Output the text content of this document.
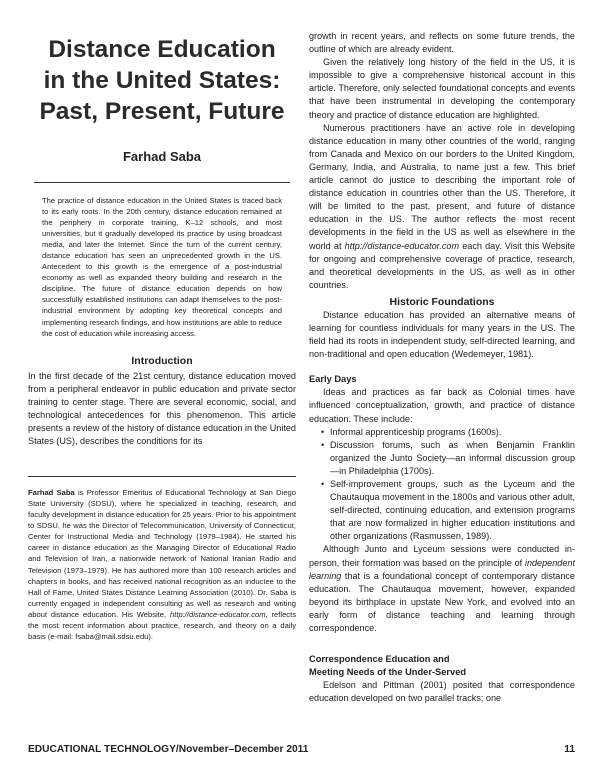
Distance Education
in the United States:
Past, Present, Future
Farhad Saba

The practice of distance education in the United States is traced back to its early roots. In the 20th century, distance education remained at the periphery in corporate training, K–12 schools, and most universities, but it gradually developed its practice by using broadcast media, and later the Internet. Since the turn of the current century, distance education has seen an unprecedented growth in the US. Antecedent to this growth is the emergence of a post-industrial economy as well as expanded theory building and research in the discipline. The future of distance education depends on how successfully established institutions can adapt themselves to the post-industrial environment by adopting key theoretical concepts and implementing research findings, and how institutions are able to reduce the cost of education while increasing access.

Introduction

In the first decade of the 21st century, distance education moved from a peripheral endeavor in public education and private sector training to center stage. There are several economic, social, and technological antecedences for this phenomenon. This article presents a review of the history of distance education in the United States (US), describes the conditions for its

Farhad Saba is Professor Emeritus of Educational Technology at San Diego State University (SDSU), where he specialized in teaching, research, and faculty development in distance education for 25 years. Prior to his appointment to SDSU, he was the Director of Telecommunication, University of Connecticut, Center for Instructional Media and Technology (1979–1984). He started his career in distance education as the Managing Director of Educational Radio and Television of Iran, a nationwide network of National Iranian Radio and Television (1973–1979). He has authored more than 100 research articles and chapters in books, and has received national recognition as an inductee to the Hall of Fame, United States Distance Learning Association (2010). Dr. Saba is currently engaged in independent consulting as well as research and writing about distance education. His Website, http://distance-educator.com, reflects the most recent information about practice, research, and theory on a daily basis (e-mail: fsaba@mail.sdsu.edu).

growth in recent years, and reflects on some future trends, the outline of which are already evident.

Given the relatively long history of the field in the US, it is impossible to give a comprehensive historical account in this article. Therefore, only selected foundational concepts and events that have been instrumental in developing the contemporary theory and practice of distance education are highlighted.

Numerous practitioners have an active role in developing distance education in many other countries of the world, ranging from Canada and Mexico on our borders to the United Kingdom, Germany, India, and Australia, to name just a few. This brief article cannot do justice to describing the important role of distance education in countries other than the US. Therefore, it will be limited to the past, present, and future of distance education in the US. The author reflects the most recent developments in the field in the US as well as elsewhere in the world at http://distance-educator.com each day. Visit this Website for ongoing and comprehensive coverage of practice, research, and theoretical developments in the US, as well as in other countries.

Historic Foundations

Distance education has provided an alternative means of learning for countless individuals for many years in the US. The field had its roots in independent study, self-directed learning, and non-traditional and open education (Wedemeyer, 1981).

Early Days

Ideas and practices as far back as Colonial times have influenced conceptualization, growth, and practice of distance education. These include:

• Informal apprenticeship programs (1600s).
• Discussion forums, such as when Benjamin Franklin organized the Junto Society—an informal discussion group—in Philadelphia (1700s).
• Self-improvement groups, such as the Lyceum and the Chautauqua movement in the 1800s and various other adult, self-directed, continuing education, and extension programs that are now formalized in higher education institutions and other organizations (Rasmussen, 1989).

Although Junto and Lyceum sessions were conducted in-person, their formation was based on the principle of independent learning that is a foundational concept of contemporary distance education. The Chautauqua movement, however, expanded beyond its birthplace in upstate New York, and evolved into an early form of distance teaching and learning through correspondence.

Correspondence Education and
Meeting Needs of the Under-Served

Edelson and Pittman (2001) posited that correspondence education developed on two parallel tracks; one

EDUCATIONAL TECHNOLOGY/November–December 2011	11
